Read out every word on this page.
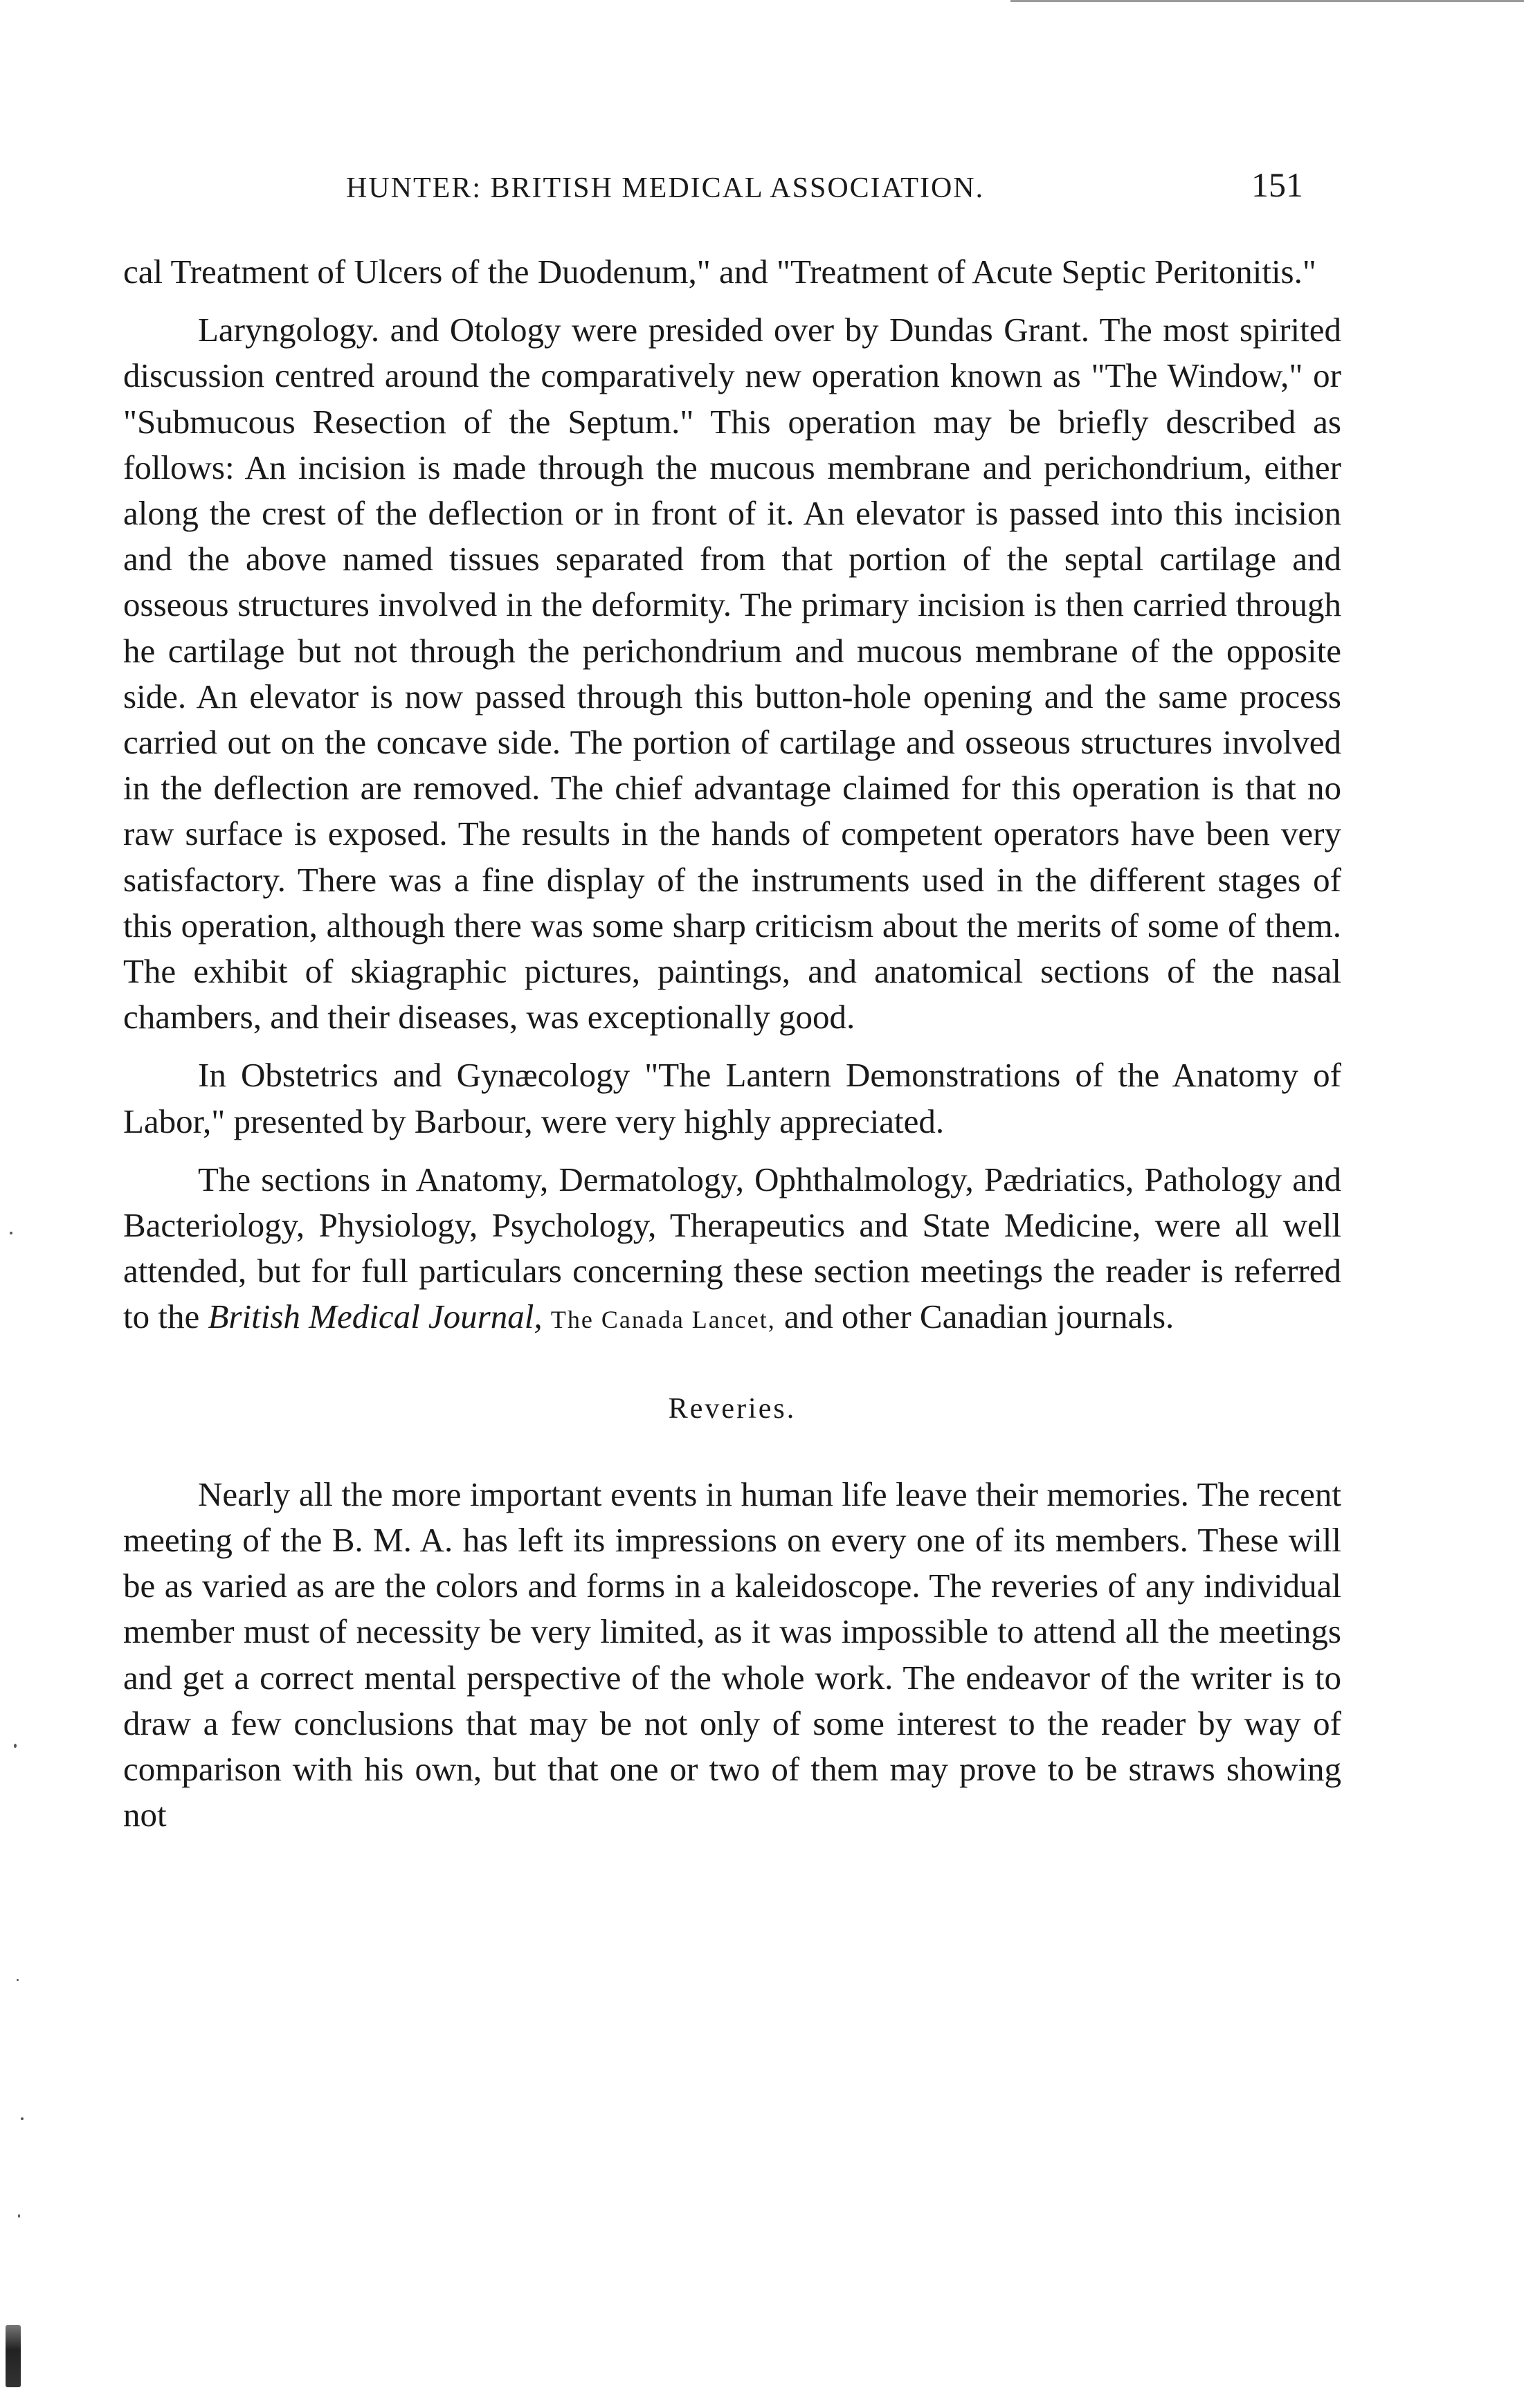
HUNTER: BRITISH MEDICAL ASSOCIATION.	151

cal Treatment of Ulcers of the Duodenum," and "Treatment of Acute Septic Peritonitis."

Laryngology. and Otology were presided over by Dundas Grant. The most spirited discussion centred around the comparatively new operation known as "The Window," or "Submucous Resection of the Septum." This operation may be briefly described as follows: An incision is made through the mucous membrane and perichondrium, either along the crest of the deflection or in front of it. An elevator is passed into this incision and the above named tissues separated from that portion of the septal cartilage and osseous structures involved in the deformity. The primary incision is then carried through he cartilage but not through the perichondrium and mucous membrane of the opposite side. An elevator is now passed through this button-hole opening and the same process carried out on the concave side. The portion of cartilage and osseous structures involved in the deflection are removed. The chief advantage claimed for this operation is that no raw surface is exposed. The results in the hands of competent operators have been very satisfactory. There was a fine display of the instruments used in the different stages of this operation, although there was some sharp criticism about the merits of some of them. The exhibit of skiagraphic pictures, paintings, and anatomical sections of the nasal chambers, and their diseases, was exceptionally good.

In Obstetrics and Gynæcology "The Lantern Demonstrations of the Anatomy of Labor," presented by Barbour, were very highly appreciated.

The sections in Anatomy, Dermatology, Ophthalmology, Pædriatics, Pathology and Bacteriology, Physiology, Psychology, Therapeutics and State Medicine, were all well attended, but for full particulars concerning these section meetings the reader is referred to the British Medical Journal, The Canada Lancet, and other Canadian journals.

Reveries.

Nearly all the more important events in human life leave their memories. The recent meeting of the B. M. A. has left its impressions on every one of its members. These will be as varied as are the colors and forms in a kaleidoscope. The reveries of any individual member must of necessity be very limited, as it was impossible to attend all the meetings and get a correct mental perspective of the whole work. The endeavor of the writer is to draw a few conclusions that may be not only of some interest to the reader by way of comparison with his own, but that one or two of them may prove to be straws showing not
